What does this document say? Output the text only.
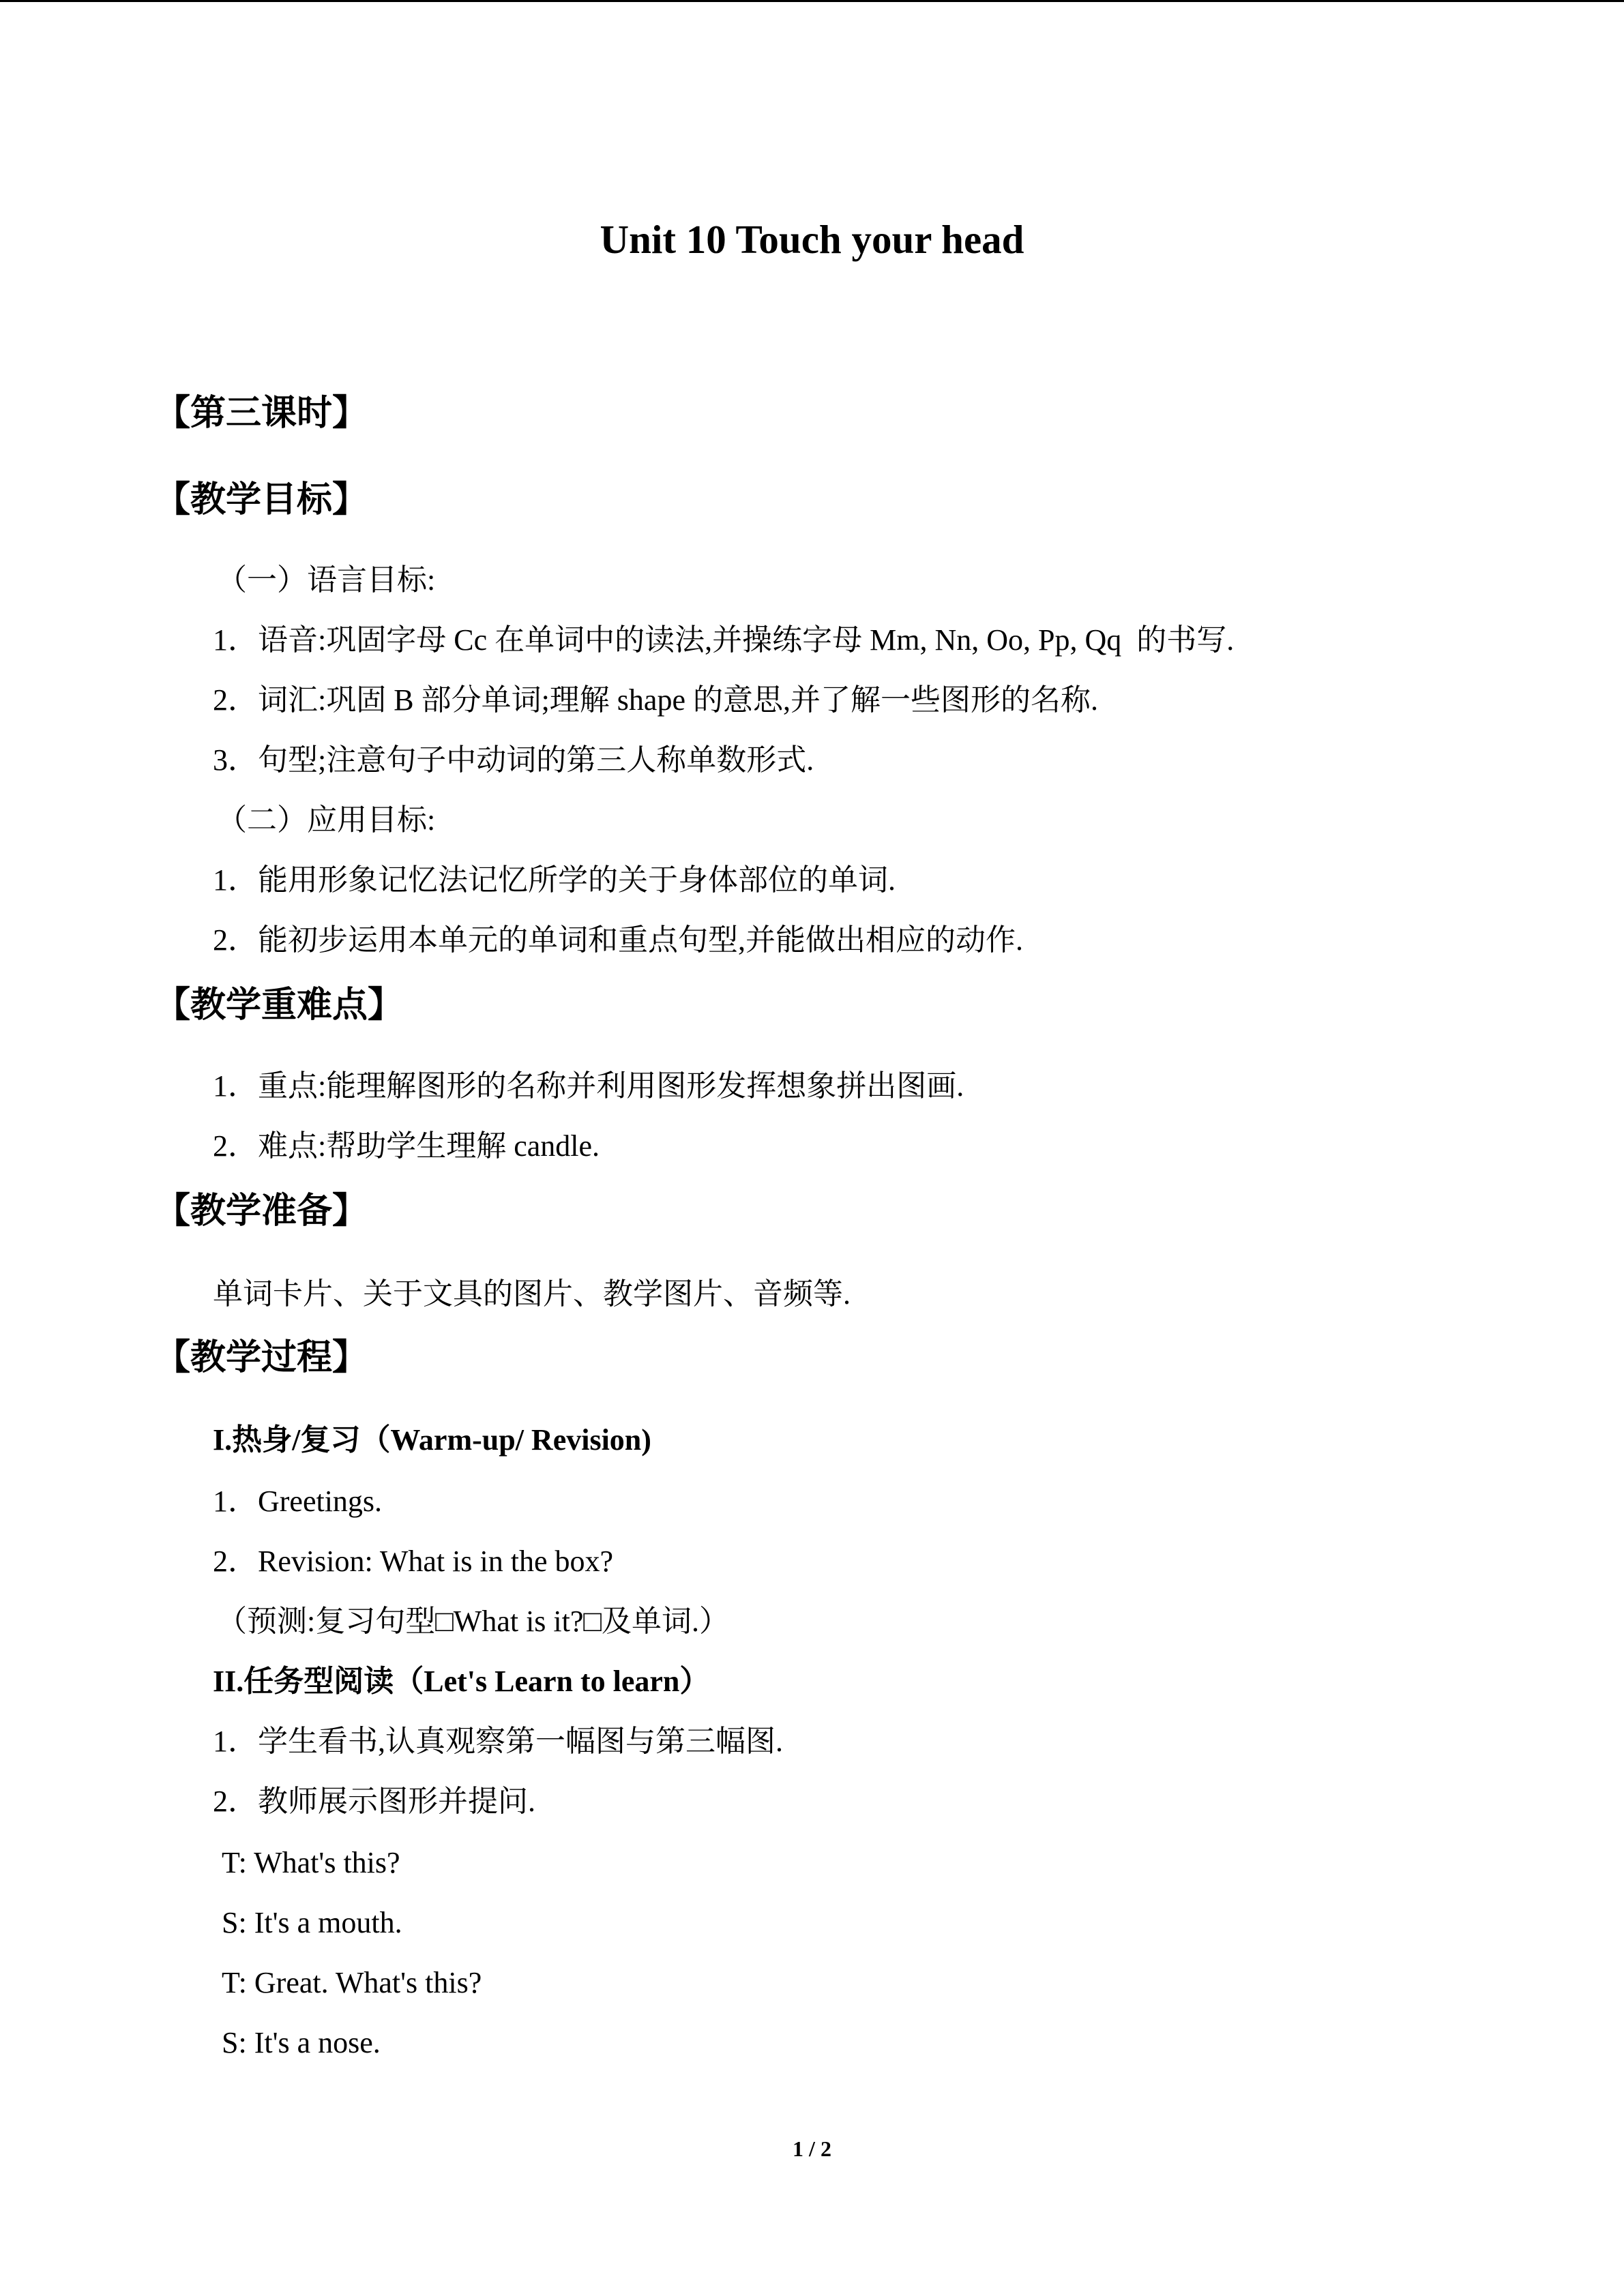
Unit 10 Touch your head
【第三课时】
【教学目标】
（一）语言目标:
1．语音:巩固字母 Cc 在单词中的读法,并操练字母 Mm, Nn, Oo, Pp, Qq  的书写.
2．词汇:巩固 B 部分单词;理解 shape 的意思,并了解一些图形的名称.
3．句型;注意句子中动词的第三人称单数形式.
（二）应用目标:
1．能用形象记忆法记忆所学的关于身体部位的单词.
2．能初步运用本单元的单词和重点句型,并能做出相应的动作.
【教学重难点】
1．重点:能理解图形的名称并利用图形发挥想象拼出图画.
2．难点:帮助学生理解 candle.
【教学准备】
单词卡片、关于文具的图片、教学图片、音频等.
【教学过程】
I.热身/复习（Warm-up/ Revision)
1．Greetings.
2．Revision: What is in the box?
（预测:复习句型□What is it?□及单词.）
II.任务型阅读（Let's Learn to learn）
1．学生看书,认真观察第一幅图与第三幅图.
2．教师展示图形并提问.
T: What's this?
S: It's a mouth.
T: Great. What's this?
S: It's a nose.
1 / 2
